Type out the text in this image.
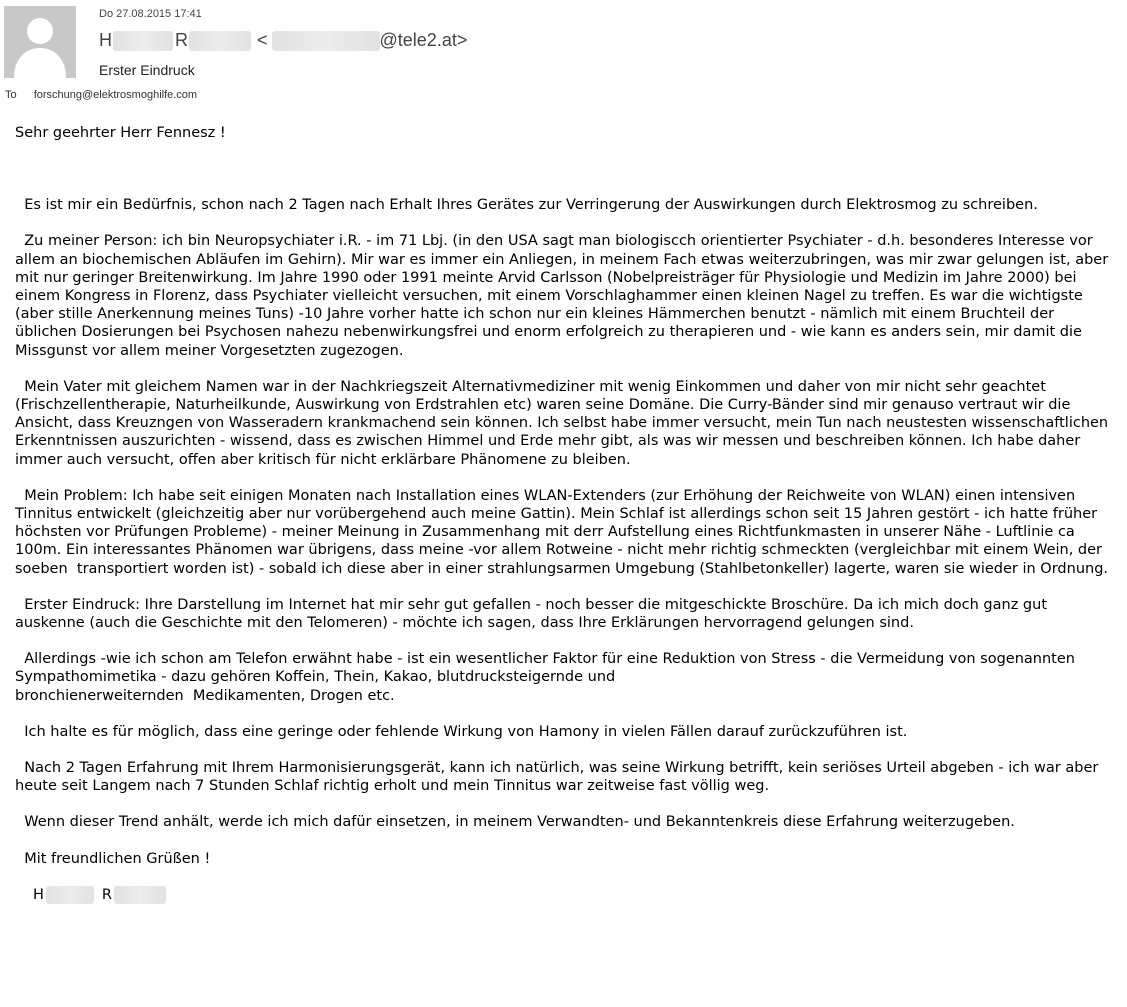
Do 27.08.2015 17:41
H	R	<	@tele2.at>
Erster Eindruck
To forschung@elektrosmoghilfe.com

Sehr geehrter Herr Fennesz !

Es ist mir ein Bedürfnis, schon nach 2 Tagen nach Erhalt Ihres Gerätes zur Verringerung der Auswirkungen durch Elektrosmog zu schreiben.

Zu meiner Person: ich bin Neuropsychiater i.R. - im 71 Lbj. (in den USA sagt man biologiscch orientierter Psychiater - d.h. besonderes Interesse vor allem an biochemischen Abläufen im Gehirn). Mir war es immer ein Anliegen, in meinem Fach etwas weiterzubringen, was mir zwar gelungen ist, aber mit nur geringer Breitenwirkung. Im Jahre 1990 oder 1991 meinte Arvid Carlsson (Nobelpreisträger für Physiologie und Medizin im Jahre 2000) bei einem Kongress in Florenz, dass Psychiater vielleicht versuchen, mit einem Vorschlaghammer einen kleinen Nagel zu treffen. Es war die wichtigste (aber stille Anerkennung meines Tuns) -10 Jahre vorher hatte ich schon nur ein kleines Hämmerchen benutzt - nämlich mit einem Bruchteil der üblichen Dosierungen bei Psychosen nahezu nebenwirkungsfrei und enorm erfolgreich zu therapieren und - wie kann es anders sein, mir damit die Missgunst vor allem meiner Vorgesetzten zugezogen.

Mein Vater mit gleichem Namen war in der Nachkriegszeit Alternativmediziner mit wenig Einkommen und daher von mir nicht sehr geachtet (Frischzellentherapie, Naturheilkunde, Auswirkung von Erdstrahlen etc) waren seine Domäne. Die Curry-Bänder sind mir genauso vertraut wir die Ansicht, dass Kreuzngen von Wasseradern krankmachend sein können. Ich selbst habe immer versucht, mein Tun nach neustesten wissenschaftlichen Erkenntnissen auszurichten - wissend, dass es zwischen Himmel und Erde mehr gibt, als was wir messen und beschreiben können. Ich habe daher immer auch versucht, offen aber kritisch für nicht erklärbare Phänomene zu bleiben.

Mein Problem: Ich habe seit einigen Monaten nach Installation eines WLAN-Extenders (zur Erhöhung der Reichweite von WLAN) einen intensiven Tinnitus entwickelt (gleichzeitig aber nur vorübergehend auch meine Gattin). Mein Schlaf ist allerdings schon seit 15 Jahren gestört - ich hatte früher höchsten vor Prüfungen Probleme) - meiner Meinung in Zusammenhang mit derr Aufstellung eines Richtfunkmasten in unserer Nähe - Luftlinie ca 100m. Ein interessantes Phänomen war übrigens, dass meine -vor allem Rotweine - nicht mehr richtig schmeckten (vergleichbar mit einem Wein, der soeben  transportiert worden ist) - sobald ich diese aber in einer strahlungsarmen Umgebung (Stahlbetonkeller) lagerte, waren sie wieder in Ordnung.

Erster Eindruck: Ihre Darstellung im Internet hat mir sehr gut gefallen - noch besser die mitgeschickte Broschüre. Da ich mich doch ganz gut auskenne (auch die Geschichte mit den Telomeren) - möchte ich sagen, dass Ihre Erklärungen hervorragend gelungen sind.

Allerdings -wie ich schon am Telefon erwähnt habe - ist ein wesentlicher Faktor für eine Reduktion von Stress - die Vermeidung von sogenannten Sympathomimetika - dazu gehören Koffein, Thein, Kakao, blutdrucksteigernde und
bronchienerweiternden  Medikamenten, Drogen etc.

Ich halte es für möglich, dass eine geringe oder fehlende Wirkung von Hamony in vielen Fällen darauf zurückzuführen ist.

Nach 2 Tagen Erfahrung mit Ihrem Harmonisierungsgerät, kann ich natürlich, was seine Wirkung betrifft, kein seriöses Urteil abgeben - ich war aber heute seit Langem nach 7 Stunden Schlaf richtig erholt und mein Tinnitus war zeitweise fast völlig weg.

Wenn dieser Trend anhält, werde ich mich dafür einsetzen, in meinem Verwandten- und Bekanntenkreis diese Erfahrung weiterzugeben.

Mit freundlichen Grüßen !

H	R
